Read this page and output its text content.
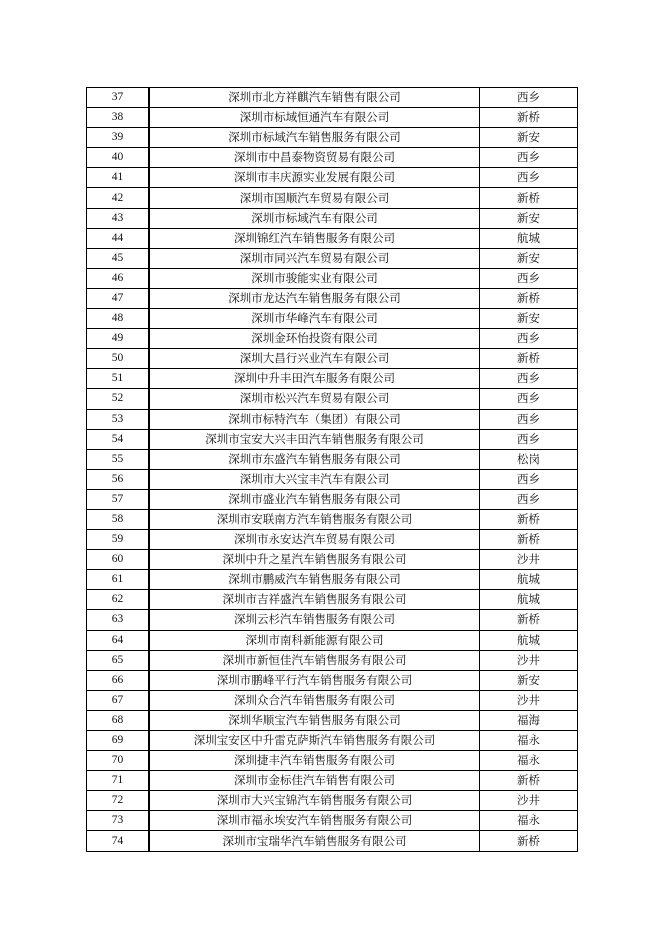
37	深圳市北方祥麒汽车销售有限公司	西乡
38	深圳市标域恒通汽车有限公司	新桥
39	深圳市标域汽车销售服务有限公司	新安
40	深圳市中昌泰物资贸易有限公司	西乡
41	深圳市丰庆源实业发展有限公司	西乡
42	深圳市国顺汽车贸易有限公司	新桥
43	深圳市标域汽车有限公司	新安
44	深圳锦红汽车销售服务有限公司	航城
45	深圳市同兴汽车贸易有限公司	新安
46	深圳市骏能实业有限公司	西乡
47	深圳市龙达汽车销售服务有限公司	新桥
48	深圳市华峰汽车有限公司	新安
49	深圳金环怡投资有限公司	西乡
50	深圳大昌行兴业汽车有限公司	新桥
51	深圳中升丰田汽车服务有限公司	西乡
52	深圳市松兴汽车贸易有限公司	西乡
53	深圳市标特汽车（集团）有限公司	西乡
54	深圳市宝安大兴丰田汽车销售服务有限公司	西乡
55	深圳市东盛汽车销售服务有限公司	松岗
56	深圳市大兴宝丰汽车有限公司	西乡
57	深圳市盛业汽车销售服务有限公司	西乡
58	深圳市安联南方汽车销售服务有限公司	新桥
59	深圳市永安达汽车贸易有限公司	新桥
60	深圳中升之星汽车销售服务有限公司	沙井
61	深圳市鹏威汽车销售服务有限公司	航城
62	深圳市吉祥盛汽车销售服务有限公司	航城
63	深圳云杉汽车销售服务有限公司	新桥
64	深圳市南科新能源有限公司	航城
65	深圳市新恒佳汽车销售服务有限公司	沙井
66	深圳市鹏峰平行汽车销售服务有限公司	新安
67	深圳众合汽车销售服务有限公司	沙井
68	深圳华顺宝汽车销售服务有限公司	福海
69	深圳宝安区中升雷克萨斯汽车销售服务有限公司	福永
70	深圳捷丰汽车销售服务有限公司	福永
71	深圳市金标佳汽车销售有限公司	新桥
72	深圳市大兴宝锦汽车销售服务有限公司	沙井
73	深圳市福永埃安汽车销售服务有限公司	福永
74	深圳市宝瑞华汽车销售服务有限公司	新桥
